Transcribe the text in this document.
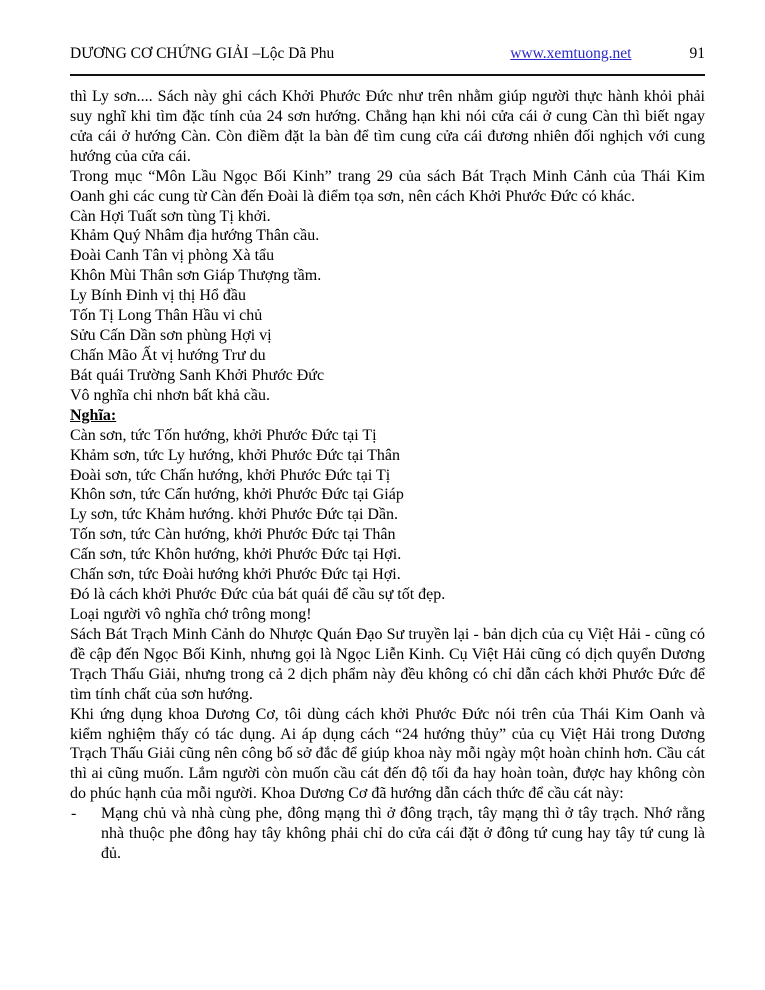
DƯƠNG CƠ CHỨNG GIẢI –Lộc Dã Phu	www.xemtuong.net	91

thì Ly sơn.... Sách này ghi cách Khởi Phước Đức như trên nhằm giúp người thực hành khỏi phải suy nghĩ khi tìm đặc tính của 24 sơn hướng. Chẳng hạn khi nói cửa cái ở cung Càn thì biết ngay cửa cái ở hướng Càn. Còn điềm đặt la bàn để tìm cung cửa cái đương nhiên đối nghịch với cung hướng của cửa cái.

Trong mục “Môn Lầu Ngọc Bối Kinh” trang 29 của sách Bát Trạch Minh Cảnh của Thái Kim Oanh ghi các cung từ Càn đến Đoài là điểm tọa sơn, nên cách Khởi Phước Đức có khác.

Càn Hợi Tuất sơn tùng Tị khởi.
Khảm Quý Nhâm địa hướng Thân cầu.
Đoài Canh Tân vị phòng Xà tẩu
Khôn Mùi Thân sơn Giáp Thượng tầm.
Ly Bính Đinh vị thị Hổ đầu
Tốn Tị Long Thân Hầu vi chủ
Sửu Cấn Dần sơn phùng Hợi vị
Chấn Mão Ất vị hướng Trư du
Bát quái Trường Sanh Khởi Phước Đức
Vô nghĩa chi nhơn bất khả cầu.
Nghĩa:
Càn sơn, tức Tốn hướng, khởi Phước Đức tại Tị
Khảm sơn, tức Ly hướng, khởi Phước Đức tại Thân
Đoài sơn, tức Chấn hướng, khởi Phước Đức tại Tị
Khôn sơn, tức Cấn hướng, khởi Phước Đức tại Giáp
Ly sơn, tức Khảm hướng. khởi Phước Đức tại Dần.
Tốn sơn, tức Càn hướng, khởi Phước Đức tại Thân
Cấn sơn, tức Khôn hướng, khởi Phước Đức tại Hợi.
Chấn sơn, tức Đoài hướng khởi Phước Đức tại Hợi.
Đó là cách khởi Phước Đức của bát quái để cầu sự tốt đẹp.
Loại người vô nghĩa chớ trông mong!

Sách Bát Trạch Minh Cảnh do Nhược Quán Đạo Sư truyền lại - bản dịch của cụ Việt Hải - cũng có đề cập đến Ngọc Bối Kinh, nhưng gọi là Ngọc Liễn Kinh. Cụ Việt Hải cũng có dịch quyển Dương Trạch Thấu Giải, nhưng trong cả 2 dịch phẩm này đều không có chỉ dẫn cách khởi Phước Đức để tìm tính chất của sơn hướng.

Khi ứng dụng khoa Dương Cơ, tôi dùng cách khởi Phước Đức nói trên của Thái Kim Oanh và kiểm nghiệm thấy có tác dụng. Ai áp dụng cách “24 hướng thủy” của cụ Việt Hải trong Dương Trạch Thấu Giải cũng nên công bố sở đắc để giúp khoa này mỗi ngày một hoàn chỉnh hơn. Cầu cát thì ai cũng muốn. Lắm người còn muốn cầu cát đến độ tối đa hay hoàn toàn, được hay không còn do phúc hạnh của mỗi người. Khoa Dương Cơ đã hướng dẫn cách thức để cầu cát này:

-	Mạng chủ và nhà cùng phe, đông mạng thì ở đông trạch, tây mạng thì ở tây trạch. Nhớ rằng nhà thuộc phe đông hay tây không phải chỉ do cửa cái đặt ở đông tứ cung hay tây tứ cung là đủ.
